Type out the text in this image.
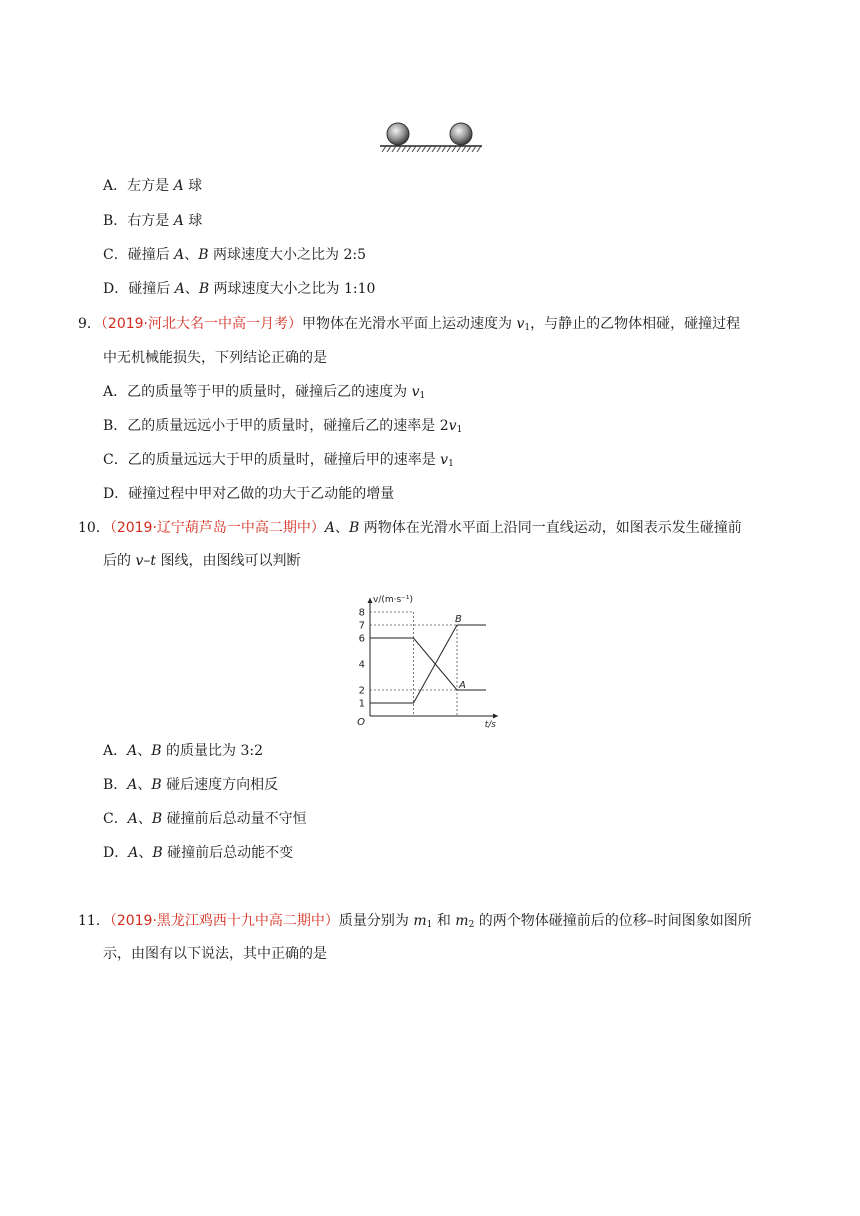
A．左方是 A 球
B．右方是 A 球
C．碰撞后 A、B 两球速度大小之比为 2:5
D．碰撞后 A、B 两球速度大小之比为 1:10
9．（2019·河北大名一中高一月考）甲物体在光滑水平面上运动速度为 $v_1$，与静止的乙物体相碰，碰撞过程
中无机械能损失，下列结论正确的是
A．乙的质量等于甲的质量时，碰撞后乙的速度为 $v_1$
B．乙的质量远远小于甲的质量时，碰撞后乙的速率是 $2v_1$
C．乙的质量远远大于甲的质量时，碰撞后甲的速率是 $v_1$
D．碰撞过程中甲对乙做的功大于乙动能的增量
10．（2019·辽宁葫芦岛一中高二期中）A、B 两物体在光滑水平面上沿同一直线运动，如图表示发生碰撞前
后的 v–t 图线，由图线可以判断
1
2
4
6
7
8
O
v/(m·s⁻¹)
t/s
A
B
A．A、B 的质量比为 3:2
B．A、B 碰后速度方向相反
C．A、B 碰撞前后总动量不守恒
D．A、B 碰撞前后总动能不变
11．（2019·黑龙江鸡西十九中高二期中）质量分别为 $m_1$ 和 $m_2$ 的两个物体碰撞前后的位移–时间图象如图所
示，由图有以下说法，其中正确的是
